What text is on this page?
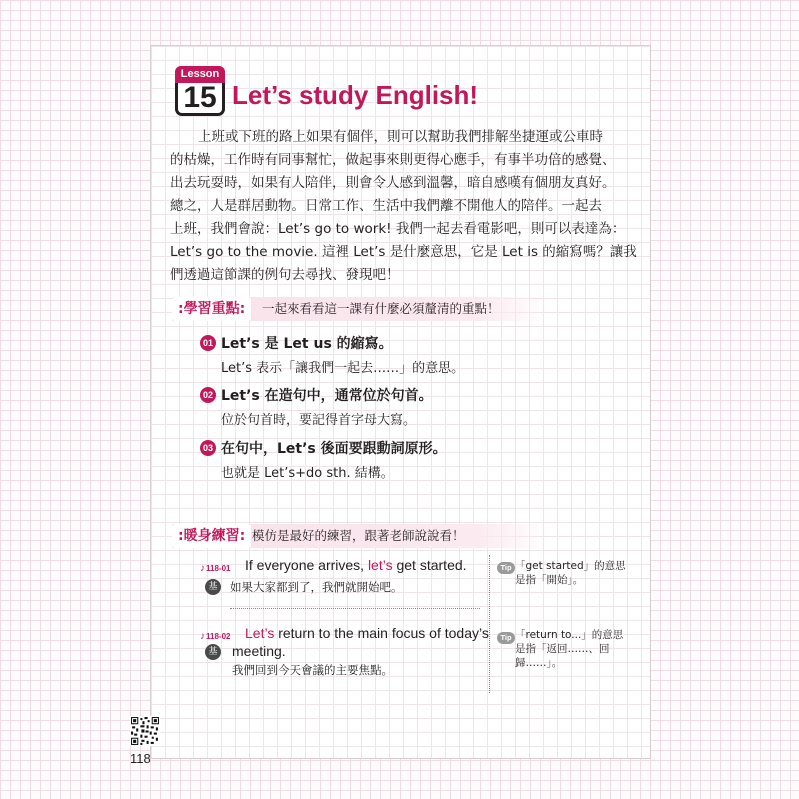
Lesson
15 Let’s study English!
上班或下班的路上如果有個伴，則可以幫助我們排解坐捷運或公車時
的枯燥，工作時有同事幫忙，做起事來則更得心應手，有事半功倍的感覺、
出去玩耍時，如果有人陪伴，則會令人感到溫馨，暗自感嘆有個朋友真好。
總之，人是群居動物。日常工作、生活中我們離不開他人的陪伴。一起去
上班，我們會說：Let’s go to work! 我們一起去看電影吧，則可以表達為：
Let’s go to the movie. 這裡 Let’s 是什麼意思，它是 Let is 的縮寫嗎？讓我
們透過這節課的例句去尋找、發現吧！
:學習重點:	一起來看看這一課有什麼必須釐清的重點！
01 Let’s 是 Let us 的縮寫。
Let’s 表示「讓我們一起去……」的意思。
02 Let’s 在造句中，通常位於句首。
位於句首時，要記得首字母大寫。
03 在句中，Let’s 後面要跟動詞原形。
也就是 Let’s+do sth. 結構。
:暖身練習: 模仿是最好的練習，跟著老師說說看！
♪118-01 If everyone arrives, let’s get started.
基	如果大家都到了，我們就開始吧。
Tip 「get started」的意思
是指「開始」。
♪118-02 Let’s return to the main focus of today’s
meeting.
基
我們回到今天會議的主要焦點。
Tip 「return to...」的意思
是指「返回……、回
歸……」。
118
